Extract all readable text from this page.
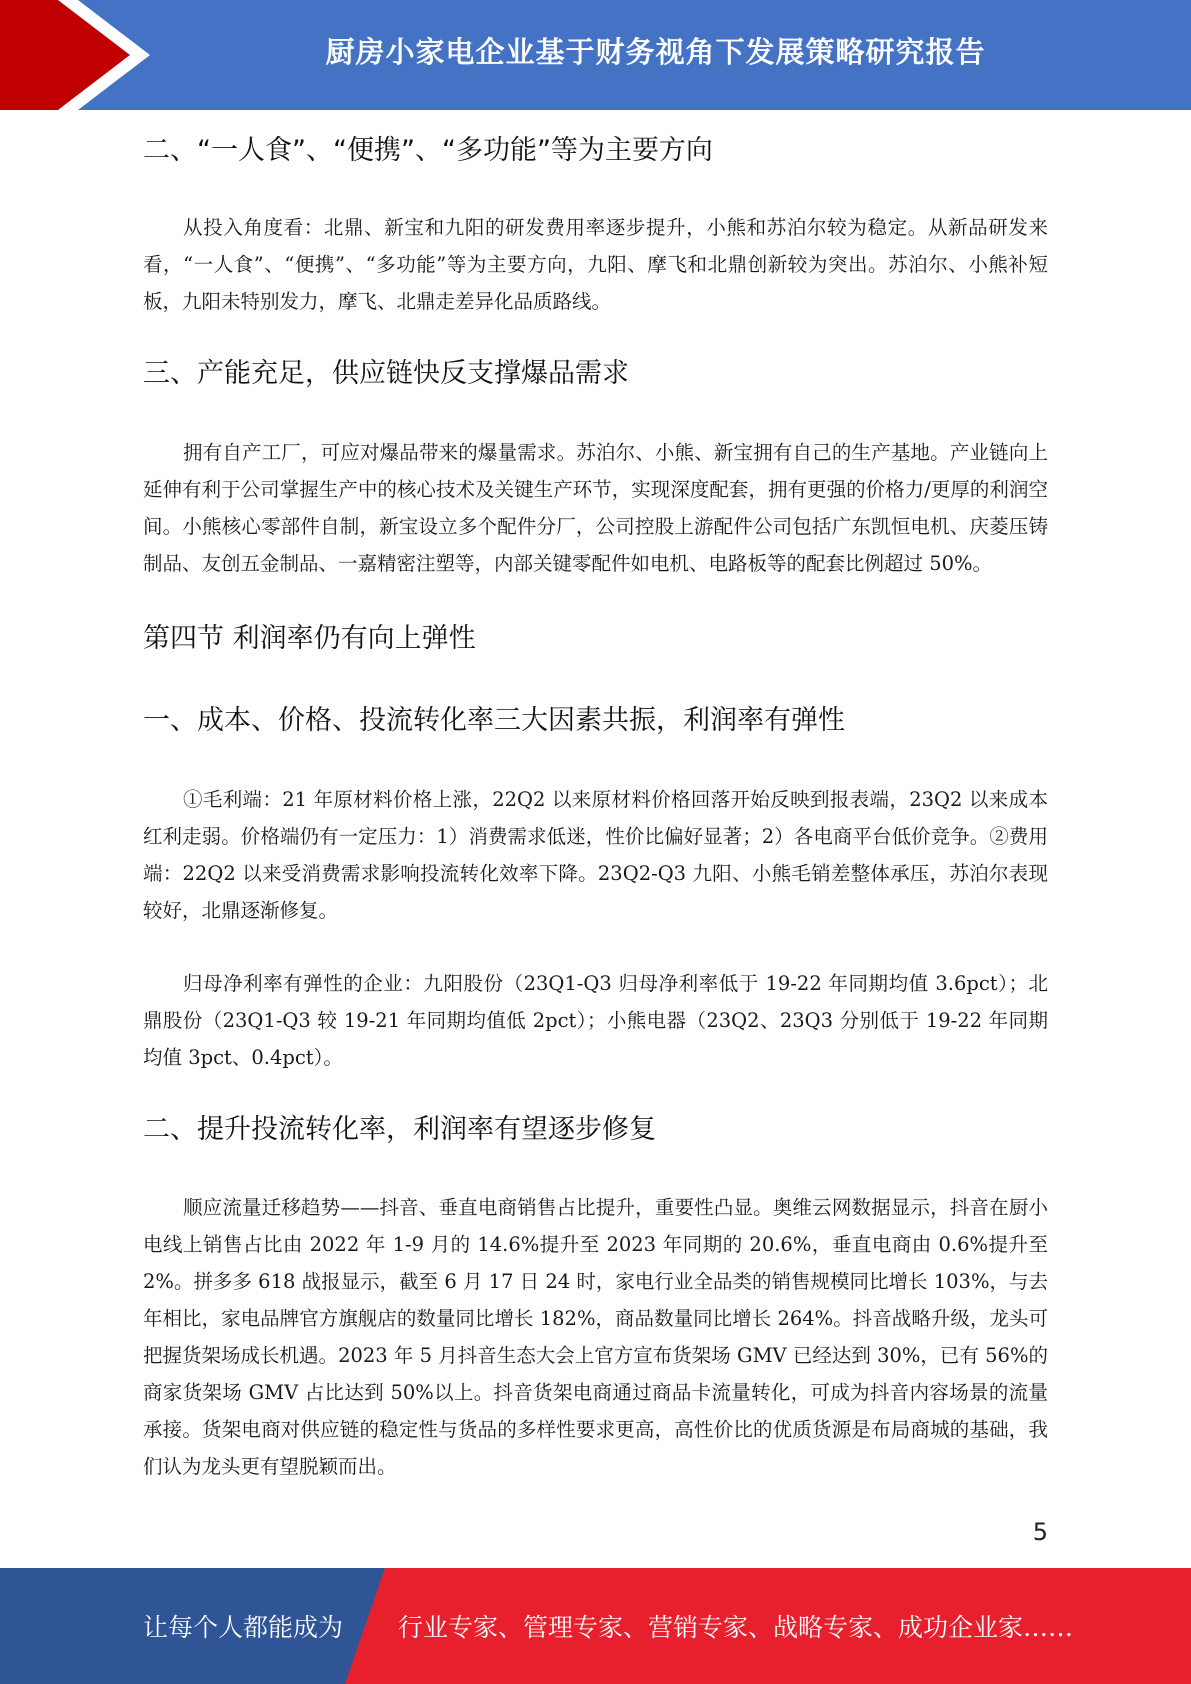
厨房小家电企业基于财务视角下发展策略研究报告
二、“一人食”、“便携”、“多功能”等为主要方向

从投入角度看：北鼎、新宝和九阳的研发费用率逐步提升，小熊和苏泊尔较为稳定。从新品研发来看，“一人食”、“便携”、“多功能”等为主要方向，九阳、摩飞和北鼎创新较为突出。苏泊尔、小熊补短板，九阳未特别发力，摩飞、北鼎走差异化品质路线。

三、产能充足，供应链快反支撑爆品需求

拥有自产工厂，可应对爆品带来的爆量需求。苏泊尔、小熊、新宝拥有自己的生产基地。产业链向上延伸有利于公司掌握生产中的核心技术及关键生产环节，实现深度配套，拥有更强的价格力/更厚的利润空间。小熊核心零部件自制，新宝设立多个配件分厂，公司控股上游配件公司包括广东凯恒电机、庆菱压铸制品、友创五金制品、一嘉精密注塑等，内部关键零配件如电机、电路板等的配套比例超过 50%。

第四节 利润率仍有向上弹性
一、成本、价格、投流转化率三大因素共振，利润率有弹性

①毛利端：21 年原材料价格上涨，22Q2 以来原材料价格回落开始反映到报表端，23Q2 以来成本红利走弱。价格端仍有一定压力：1）消费需求低迷，性价比偏好显著；2）各电商平台低价竞争。②费用端：22Q2 以来受消费需求影响投流转化效率下降。23Q2-Q3 九阳、小熊毛销差整体承压，苏泊尔表现较好，北鼎逐渐修复。

归母净利率有弹性的企业：九阳股份（23Q1-Q3 归母净利率低于 19-22 年同期均值 3.6pct）；北鼎股份（23Q1-Q3 较 19-21 年同期均值低 2pct）；小熊电器（23Q2、23Q3 分别低于 19-22 年同期均值 3pct、0.4pct）。

二、提升投流转化率，利润率有望逐步修复

顺应流量迁移趋势——抖音、垂直电商销售占比提升，重要性凸显。奥维云网数据显示，抖音在厨小电线上销售占比由 2022 年 1-9 月的 14.6%提升至 2023 年同期的 20.6%，垂直电商由 0.6%提升至 2%。拼多多 618 战报显示，截至 6 月 17 日 24 时，家电行业全品类的销售规模同比增长 103%，与去年相比，家电品牌官方旗舰店的数量同比增长 182%，商品数量同比增长 264%。抖音战略升级，龙头可把握货架场成长机遇。2023 年 5 月抖音生态大会上官方宣布货架场 GMV 已经达到 30%，已有 56%的商家货架场 GMV 占比达到 50%以上。抖音货架电商通过商品卡流量转化，可成为抖音内容场景的流量承接。货架电商对供应链的稳定性与货品的多样性要求更高，高性价比的优质货源是布局商城的基础，我们认为龙头更有望脱颖而出。

5
让每个人都能成为 行业专家、管理专家、营销专家、战略专家、成功企业家……
